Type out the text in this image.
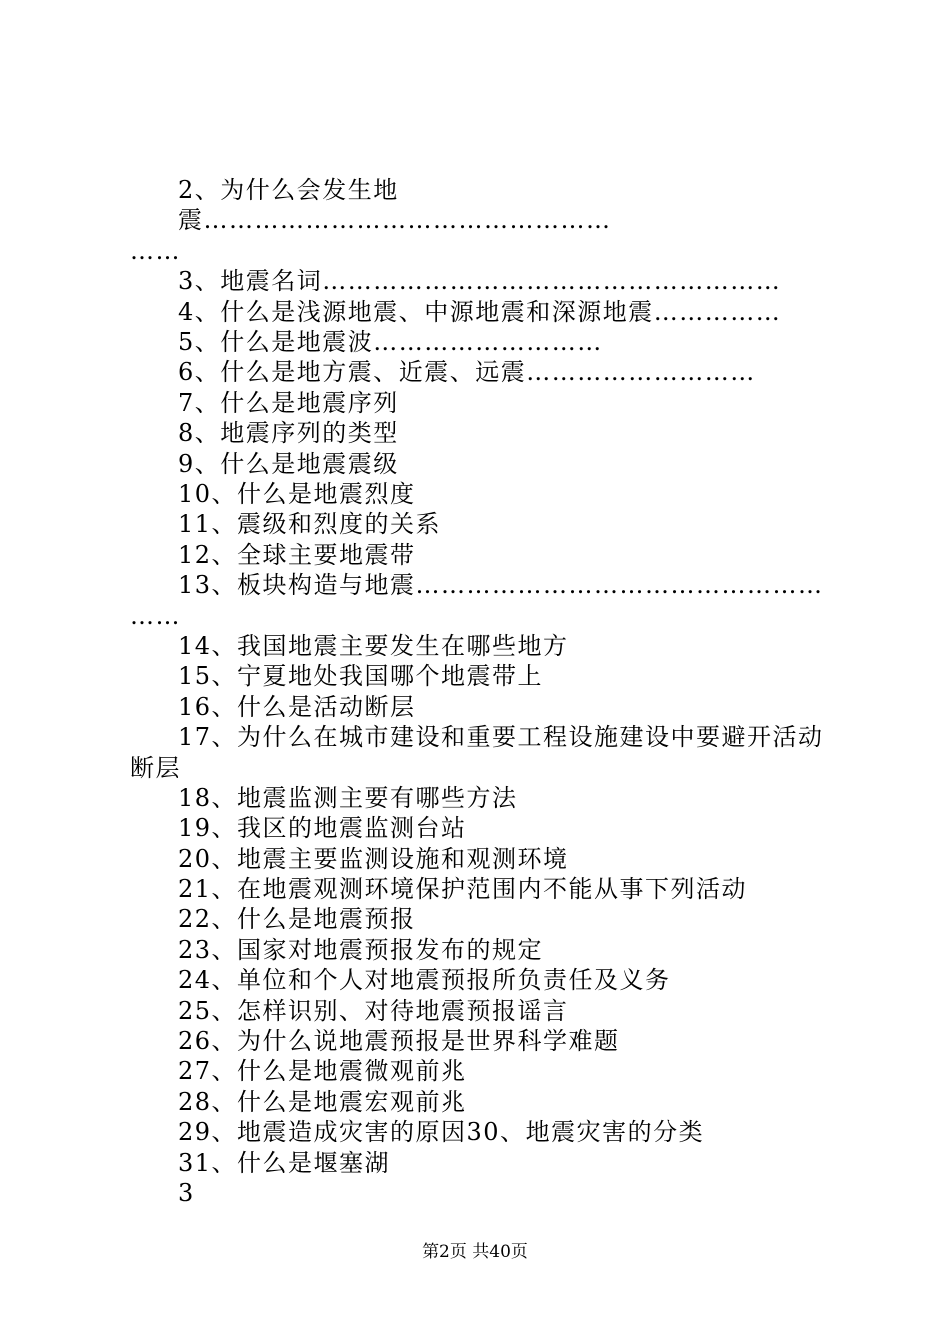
2、为什么会发生地震…………………………………………
……
3、地震名词………………………………………………
4、什么是浅源地震、中源地震和深源地震……………
5、什么是地震波………………………
6、什么是地方震、近震、远震………………………
7、什么是地震序列
8、地震序列的类型
9、什么是地震震级
10、什么是地震烈度
11、震级和烈度的关系
12、全球主要地震带
13、板块构造与地震…………………………………………
……
14、我国地震主要发生在哪些地方
15、宁夏地处我国哪个地震带上
16、什么是活动断层
17、为什么在城市建设和重要工程设施建设中要避开活动
断层
18、地震监测主要有哪些方法
19、我区的地震监测台站
20、地震主要监测设施和观测环境
21、在地震观测环境保护范围内不能从事下列活动
22、什么是地震预报
23、国家对地震预报发布的规定
24、单位和个人对地震预报所负责任及义务
25、怎样识别、对待地震预报谣言
26、为什么说地震预报是世界科学难题
27、什么是地震微观前兆
28、什么是地震宏观前兆
29、地震造成灾害的原因30、地震灾害的分类
31、什么是堰塞湖
3
第2页 共40页
